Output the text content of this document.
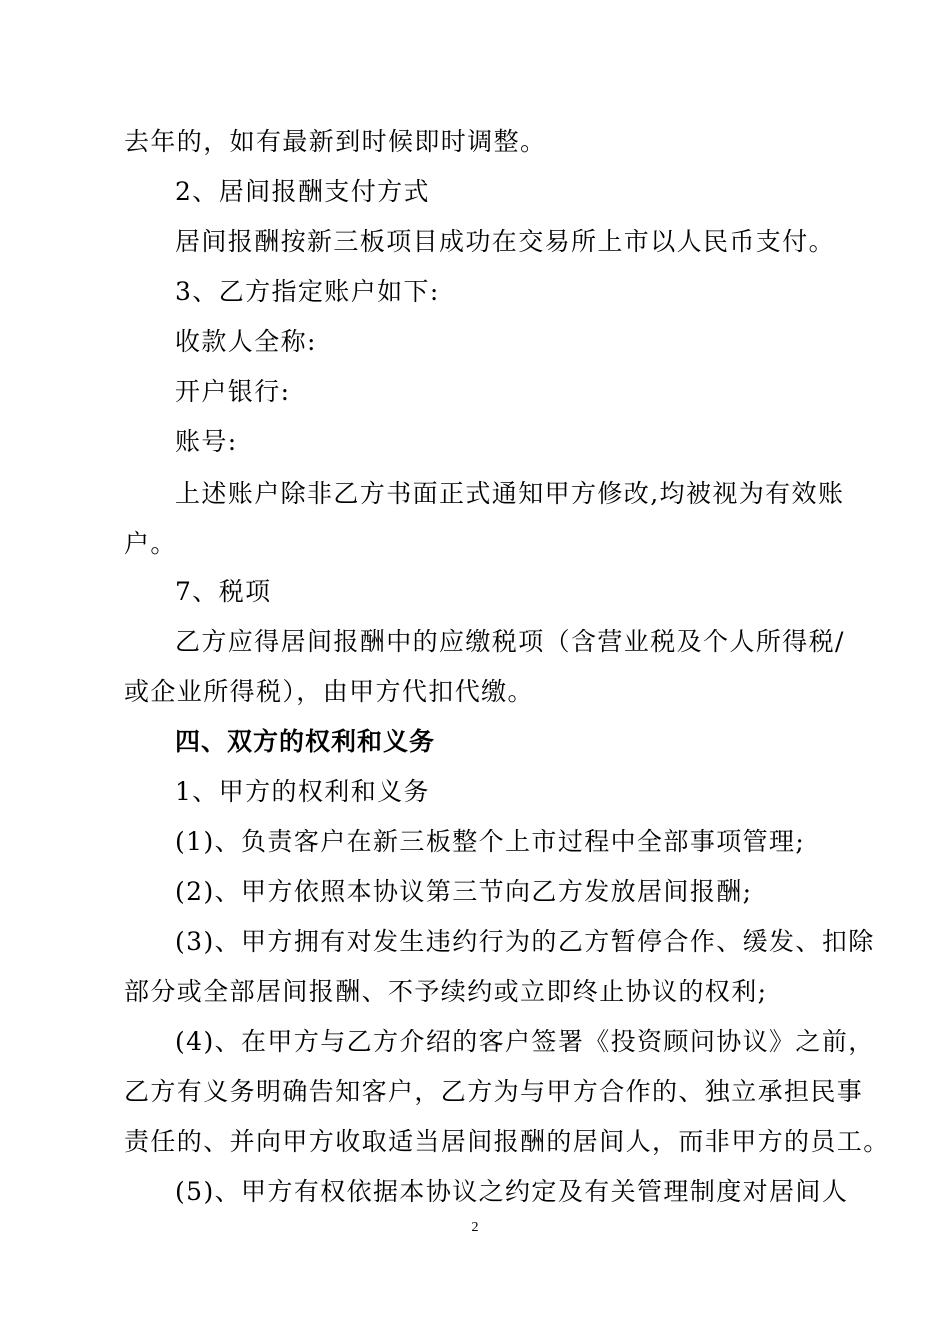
去年的，如有最新到时候即时调整。
2、居间报酬支付方式
居间报酬按新三板项目成功在交易所上市以人民币支付。
3、乙方指定账户如下:
收款人全称:
开户银行:
账号:
上述账户除非乙方书面正式通知甲方修改,均被视为有效账
户。
7、税项
乙方应得居间报酬中的应缴税项（含营业税及个人所得税/
或企业所得税），由甲方代扣代缴。
四、双方的权利和义务
1、甲方的权利和义务
(1)、负责客户在新三板整个上市过程中全部事项管理;
(2)、甲方依照本协议第三节向乙方发放居间报酬;
(3)、甲方拥有对发生违约行为的乙方暂停合作、缓发、扣除
部分或全部居间报酬、不予续约或立即终止协议的权利;
(4)、在甲方与乙方介绍的客户签署《投资顾问协议》之前，
乙方有义务明确告知客户，乙方为与甲方合作的、独立承担民事
责任的、并向甲方收取适当居间报酬的居间人，而非甲方的员工。
(5)、甲方有权依据本协议之约定及有关管理制度对居间人
2
